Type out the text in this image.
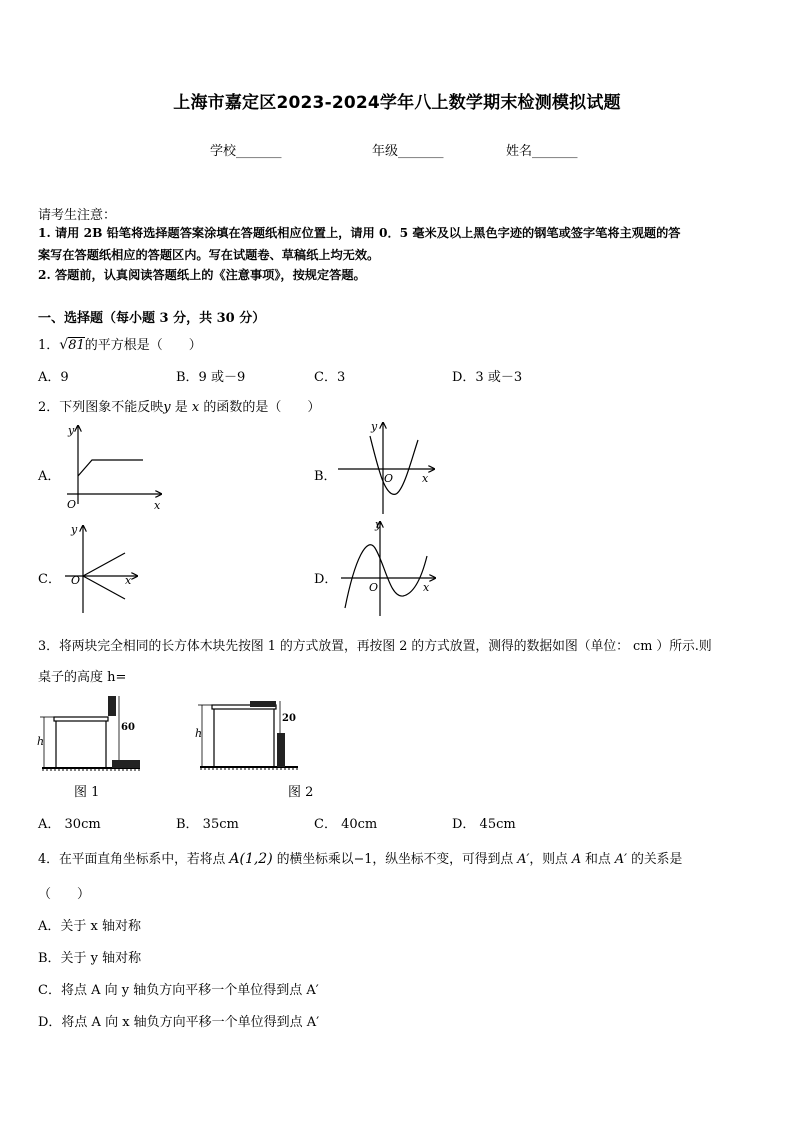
上海市嘉定区2023-2024学年八上数学期末检测模拟试题
学校_______	年级_______	姓名_______
请考生注意：
1. 请用 2B 铅笔将选择题答案涂填在答题纸相应位置上，请用 0．5 毫米及以上黑色字迹的钢笔或签字笔将主观题的答
案写在答题纸相应的答题区内。写在试题卷、草稿纸上均无效。
2. 答题前，认真阅读答题纸上的《注意事项》，按规定答题。
一、选择题（每小题 3 分，共 30 分）
1．√81的平方根是（　　）
A．9	B．9 或－9	C．3	D．3 或－3
2．下列图象不能反映y 是 x 的函数的是（　　）
A．	B．
C．	D．
y
x
O
y
x
O
y
x
O
y
x
O
3．将两块完全相同的长方体木块先按图 1 的方式放置，再按图 2 的方式放置，测得的数据如图（单位： cm ）所示.则
桌子的高度 h=
h
60	h
20
图 1	图 2
A． 30cm	B． 35cm	C． 40cm	D． 45cm
4．在平面直角坐标系中，若将点 A(1,2) 的横坐标乘以−1，纵坐标不变，可得到点 A′，则点 A 和点 A′ 的关系是
（　　）
A．关于 x 轴对称
B．关于 y 轴对称
C．将点 A 向 y 轴负方向平移一个单位得到点 A′
D．将点 A 向 x 轴负方向平移一个单位得到点 A′
